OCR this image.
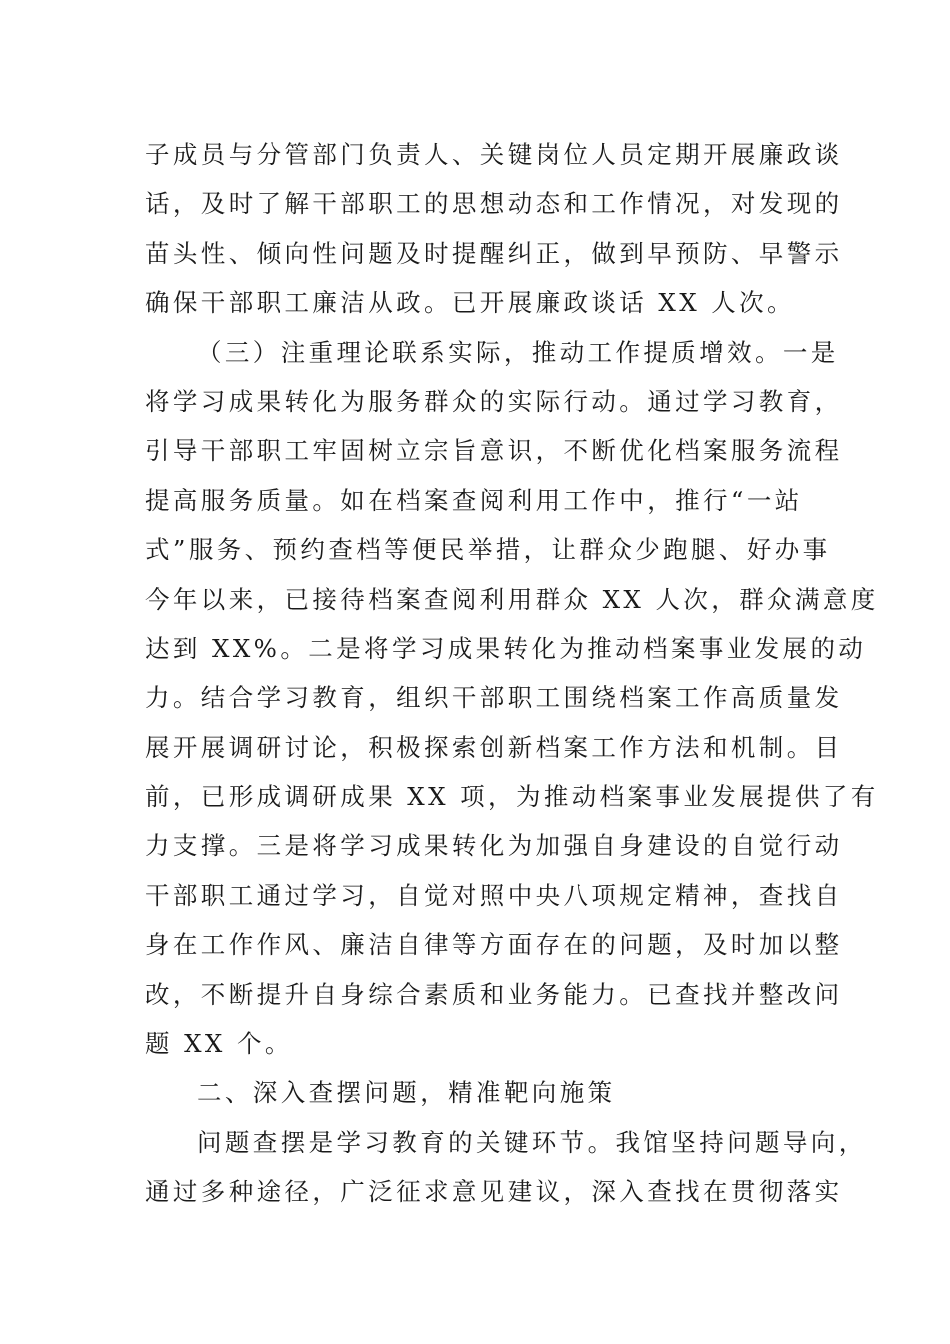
子成员与分管部门负责人、关键岗位人员定期开展廉政谈
话，及时了解干部职工的思想动态和工作情况，对发现的
苗头性、倾向性问题及时提醒纠正，做到早预防、早警示
确保干部职工廉洁从政。已开展廉政谈话 XX 人次。
（三）注重理论联系实际，推动工作提质增效。一是
将学习成果转化为服务群众的实际行动。通过学习教育，
引导干部职工牢固树立宗旨意识，不断优化档案服务流程
提高服务质量。如在档案查阅利用工作中，推行“一站
式”服务、预约查档等便民举措，让群众少跑腿、好办事
今年以来，已接待档案查阅利用群众 XX 人次，群众满意度
达到 XX%。二是将学习成果转化为推动档案事业发展的动
力。结合学习教育，组织干部职工围绕档案工作高质量发
展开展调研讨论，积极探索创新档案工作方法和机制。目
前，已形成调研成果 XX 项，为推动档案事业发展提供了有
力支撑。三是将学习成果转化为加强自身建设的自觉行动
干部职工通过学习，自觉对照中央八项规定精神，查找自
身在工作作风、廉洁自律等方面存在的问题，及时加以整
改，不断提升自身综合素质和业务能力。已查找并整改问
题 XX 个。
二、深入查摆问题，精准靶向施策
问题查摆是学习教育的关键环节。我馆坚持问题导向，
通过多种途径，广泛征求意见建议，深入查找在贯彻落实
